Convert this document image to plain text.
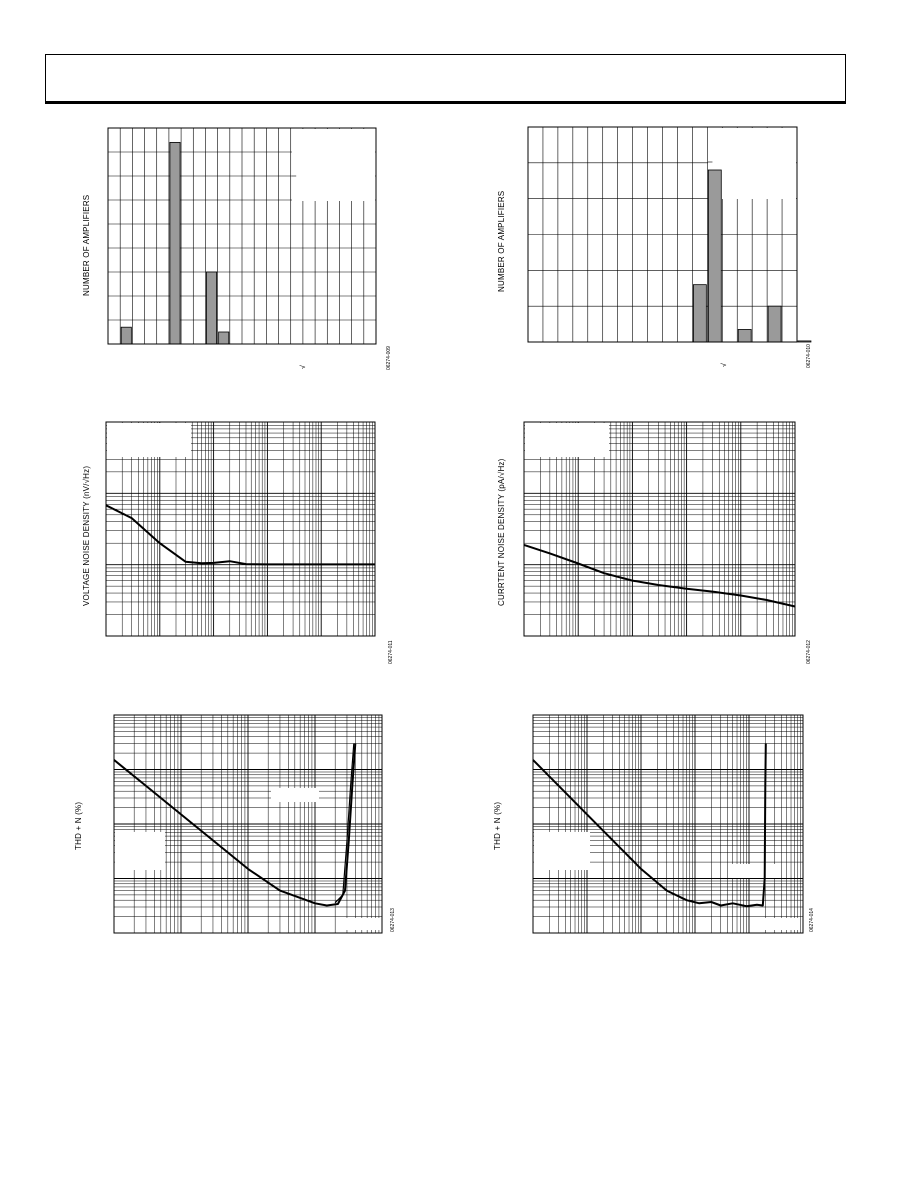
NUMBER OF AMPLIFIERS	NUMBER OF AMPLIFIERS
VOLTAGE NOISE DENSITY (nV/√Hz)	CURRTENT NOISE DENSITY (pA/√Hz)
THD + N (%)	THD + N (%)
√
√
06274-009	06274-010
06274-011	06274-012
06274-013	06274-014
